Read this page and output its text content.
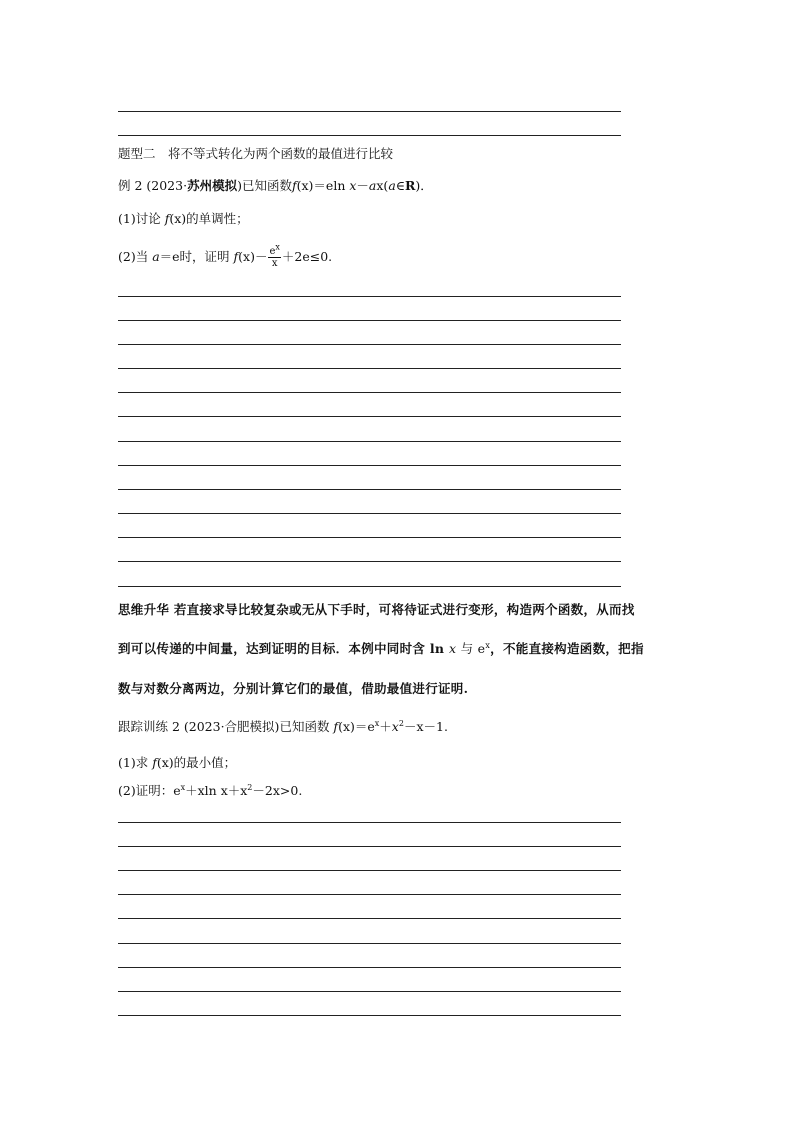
题型二　将不等式转化为两个函数的最值进行比较
例 2 (2023·苏州模拟)已知函数f(x)＝eln x－ax(a∈R)．
(1)讨论 f(x)的单调性；
(2)当 a＝e时，证明 $f(x)- \frac{e^x}{x} +2e\le 0$.
思维升华 若直接求导比较复杂或无从下手时，可将待证式进行变形，构造两个函数，从而找
到可以传递的中间量，达到证明的目标．本例中同时含 ln x 与 $e^x$，不能直接构造函数，把指
数与对数分离两边，分别计算它们的最值，借助最值进行证明.
跟踪训练 2 (2023·合肥模拟)已知函数 $f(x)=e^x+x^2-x-1$.
(1)求 f(x)的最小值；
(2)证明：$e^x+xln$ $x+x^2-2x>0$.
